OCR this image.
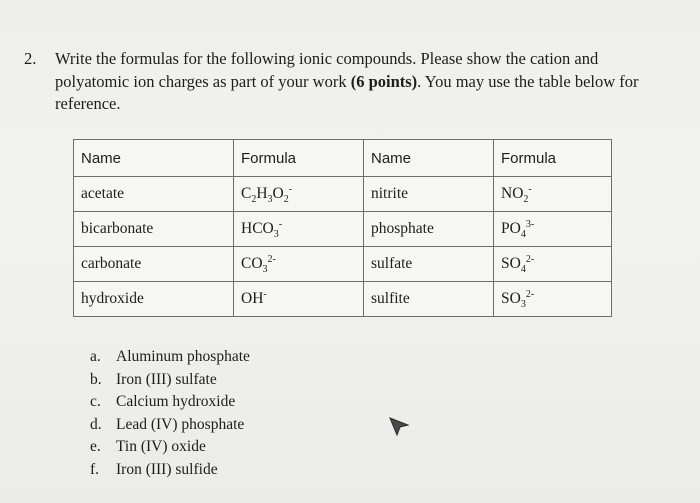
2. Write the formulas for the following ionic compounds. Please show the cation and polyatomic ion charges as part of your work (6 points). You may use the table below for reference.
Name	Formula	Name	Formula
acetate	$C_2H_3O_2^-$	nitrite	$NO_2^-$
bicarbonate	$HCO_3^-$	phosphate	$PO_4^{3-}$
carbonate	$CO_3^{2-}$	sulfate	$SO_4^{2-}$
hydroxide	OH-	sulfite	$SO_3^{2-}$
a. Aluminum phosphate
b. Iron (III) sulfate
c. Calcium hydroxide
d. Lead (IV) phosphate
e. Tin (IV) oxide
f.	Iron (III) sulfide
